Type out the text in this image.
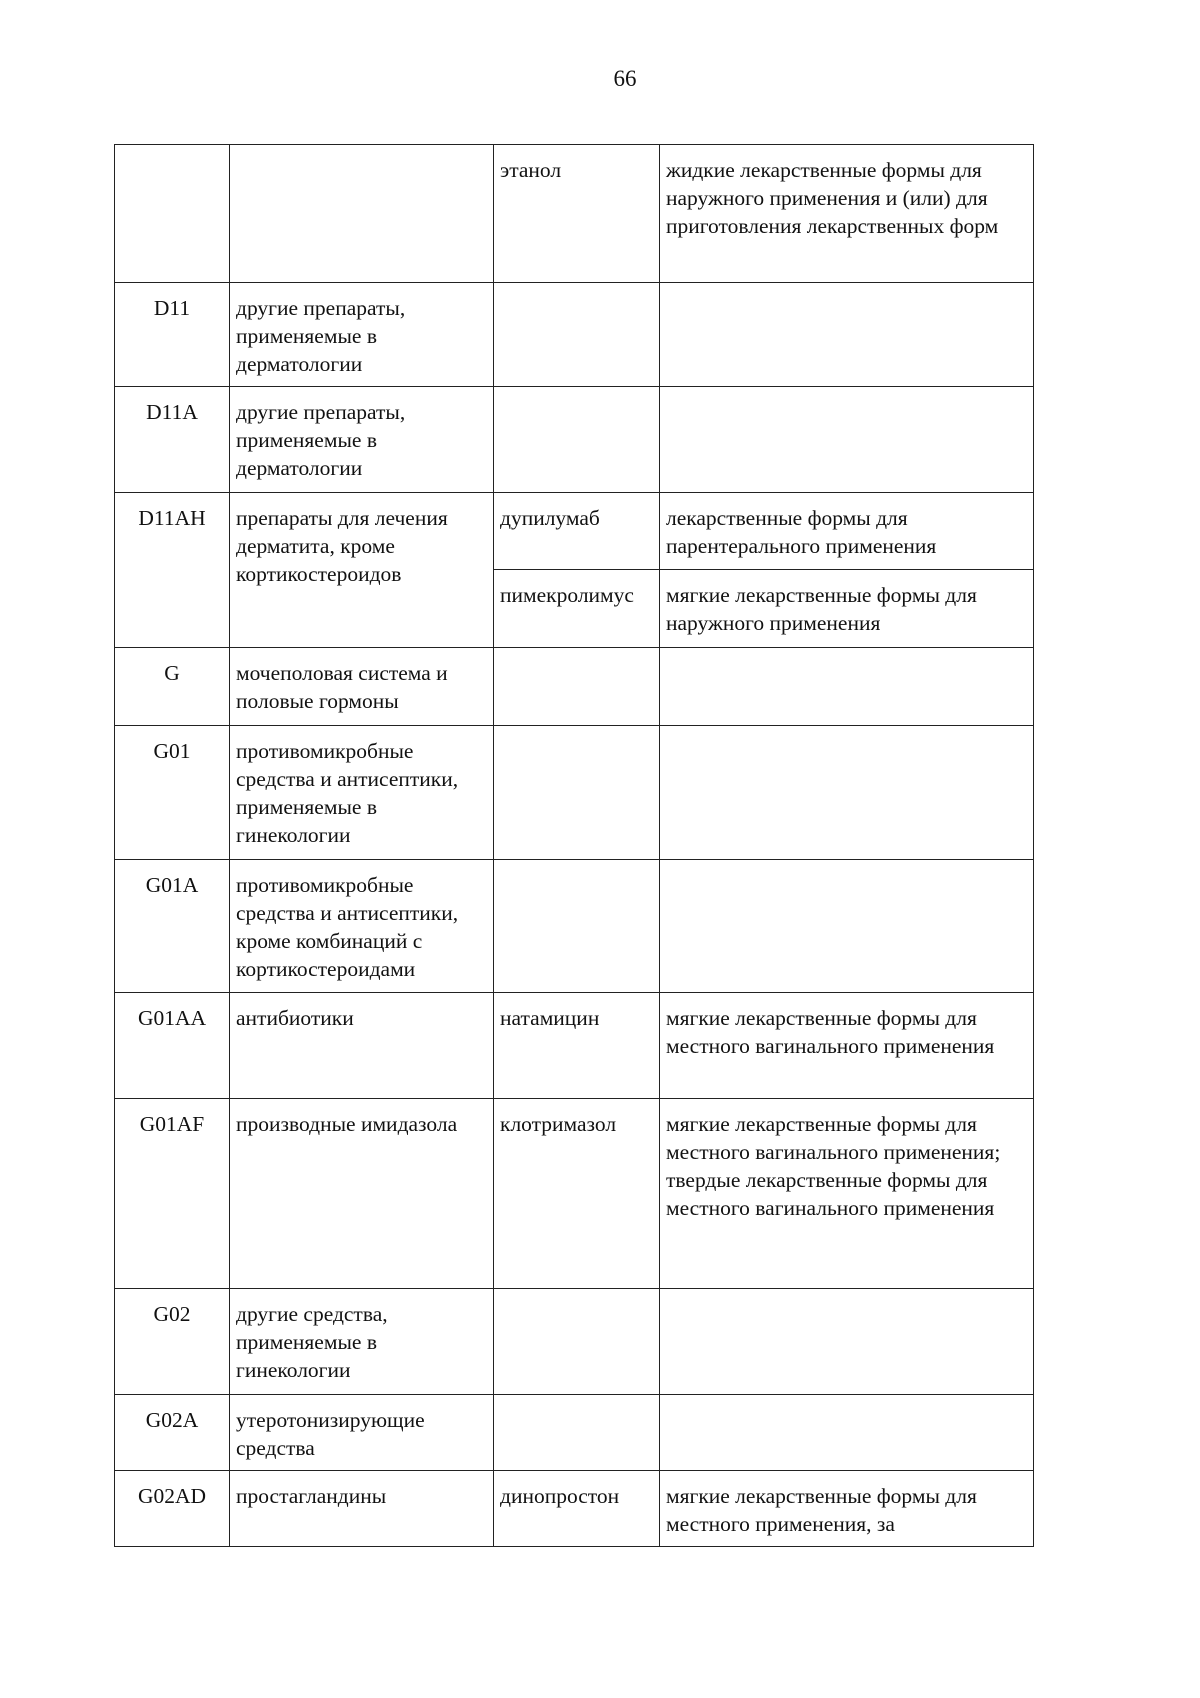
66
		этанол	жидкие лекарственные формы для наружного применения и (или) для приготовления лекарственных форм
D11	другие препараты, применяемые в дерматологии		
D11A	другие препараты, применяемые в дерматологии		
D11AH	препараты для лечения дерматита, кроме кортикостероидов	дупилумаб	лекарственные формы для парентерального применения
		пимекролимус	мягкие лекарственные формы для наружного применения
G	мочеполовая система и половые гормоны		
G01	противомикробные средства и антисептики, применяемые в гинекологии		
G01A	противомикробные средства и антисептики, кроме комбинаций с кортикостероидами		
G01AA	антибиотики	натамицин	мягкие лекарственные формы для местного вагинального применения
G01AF	производные имидазола	клотримазол	мягкие лекарственные формы для местного вагинального применения;
твердые лекарственные формы для местного вагинального применения

G02	другие средства, применяемые в гинекологии		
G02A	утеротонизирующие средства		
G02AD	простагландины	динопростон	мягкие лекарственные формы для местного применения, за
